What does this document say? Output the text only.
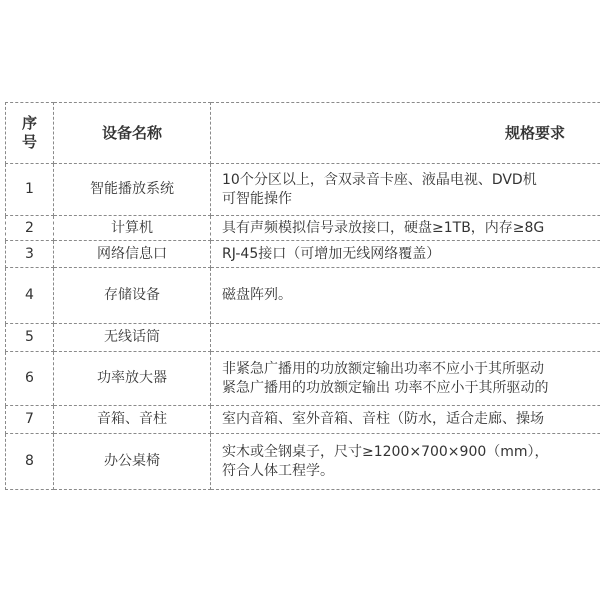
序
号	设备名称	规格要求
1	智能播放系统	10个分区以上，含双录音卡座、液晶电视、DVD机
可智能操作

2	计算机	具有声频模拟信号录放接口，硬盘≥1TB，内存≥8G

3	网络信息口	RJ-45接口（可增加无线网络覆盖）

4	存储设备	磁盘阵列。

5	无线话筒	

6	功率放大器	非紧急广播用的功放额定输出功率不应小于其所驱动
紧急广播用的功放额定输出 功率不应小于其所驱动的

7	音箱、音柱	室内音箱、室外音箱、音柱（防水，适合走廊、操场

8	办公桌椅	实木或全钢桌子，尺寸≥1200×700×900（mm），
符合人体工程学。
